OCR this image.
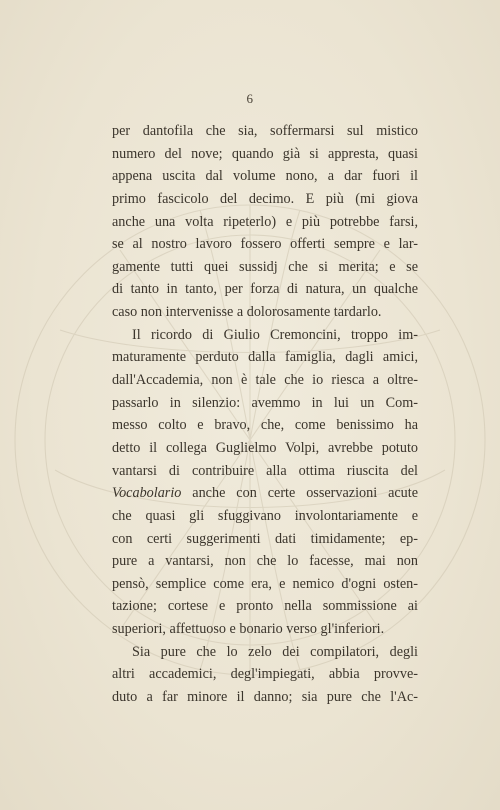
6
per dantofila che sia, soffermarsi sul mistico
numero del nove; quando già si appresta, quasi
appena uscita dal volume nono, a dar fuori il
primo fascicolo del decimo. E più (mi giova
anche una volta ripeterlo) e più potrebbe farsi,
se al nostro lavoro fossero offerti sempre e lar-
gamente tutti quei sussidj che si merita; e se
di tanto in tanto, per forza di natura, un qualche
caso non intervenisse a dolorosamente tardarlo.
Il ricordo di Giulio Cremoncini, troppo im-
maturamente perduto dalla famiglia, dagli amici,
dall'Accademia, non è tale che io riesca a oltre-
passarlo in silenzio: avemmo in lui un Com-
messo colto e bravo, che, come benissimo ha
detto il collega Guglielmo Volpi, avrebbe potuto
vantarsi di contribuire alla ottima riuscita del
Vocabolario anche con certe osservazioni acute
che quasi gli sfuggivano involontariamente e
con certi suggerimenti dati timidamente; ep-
pure a vantarsi, non che lo facesse, mai non
pensò, semplice come era, e nemico d'ogni osten-
tazione; cortese e pronto nella sommissione ai
superiori, affettuoso e bonario verso gl'inferiori.
Sia pure che lo zelo dei compilatori, degli
altri accademici, degl'impiegati, abbia provve-
duto a far minore il danno; sia pure che l'Ac-
